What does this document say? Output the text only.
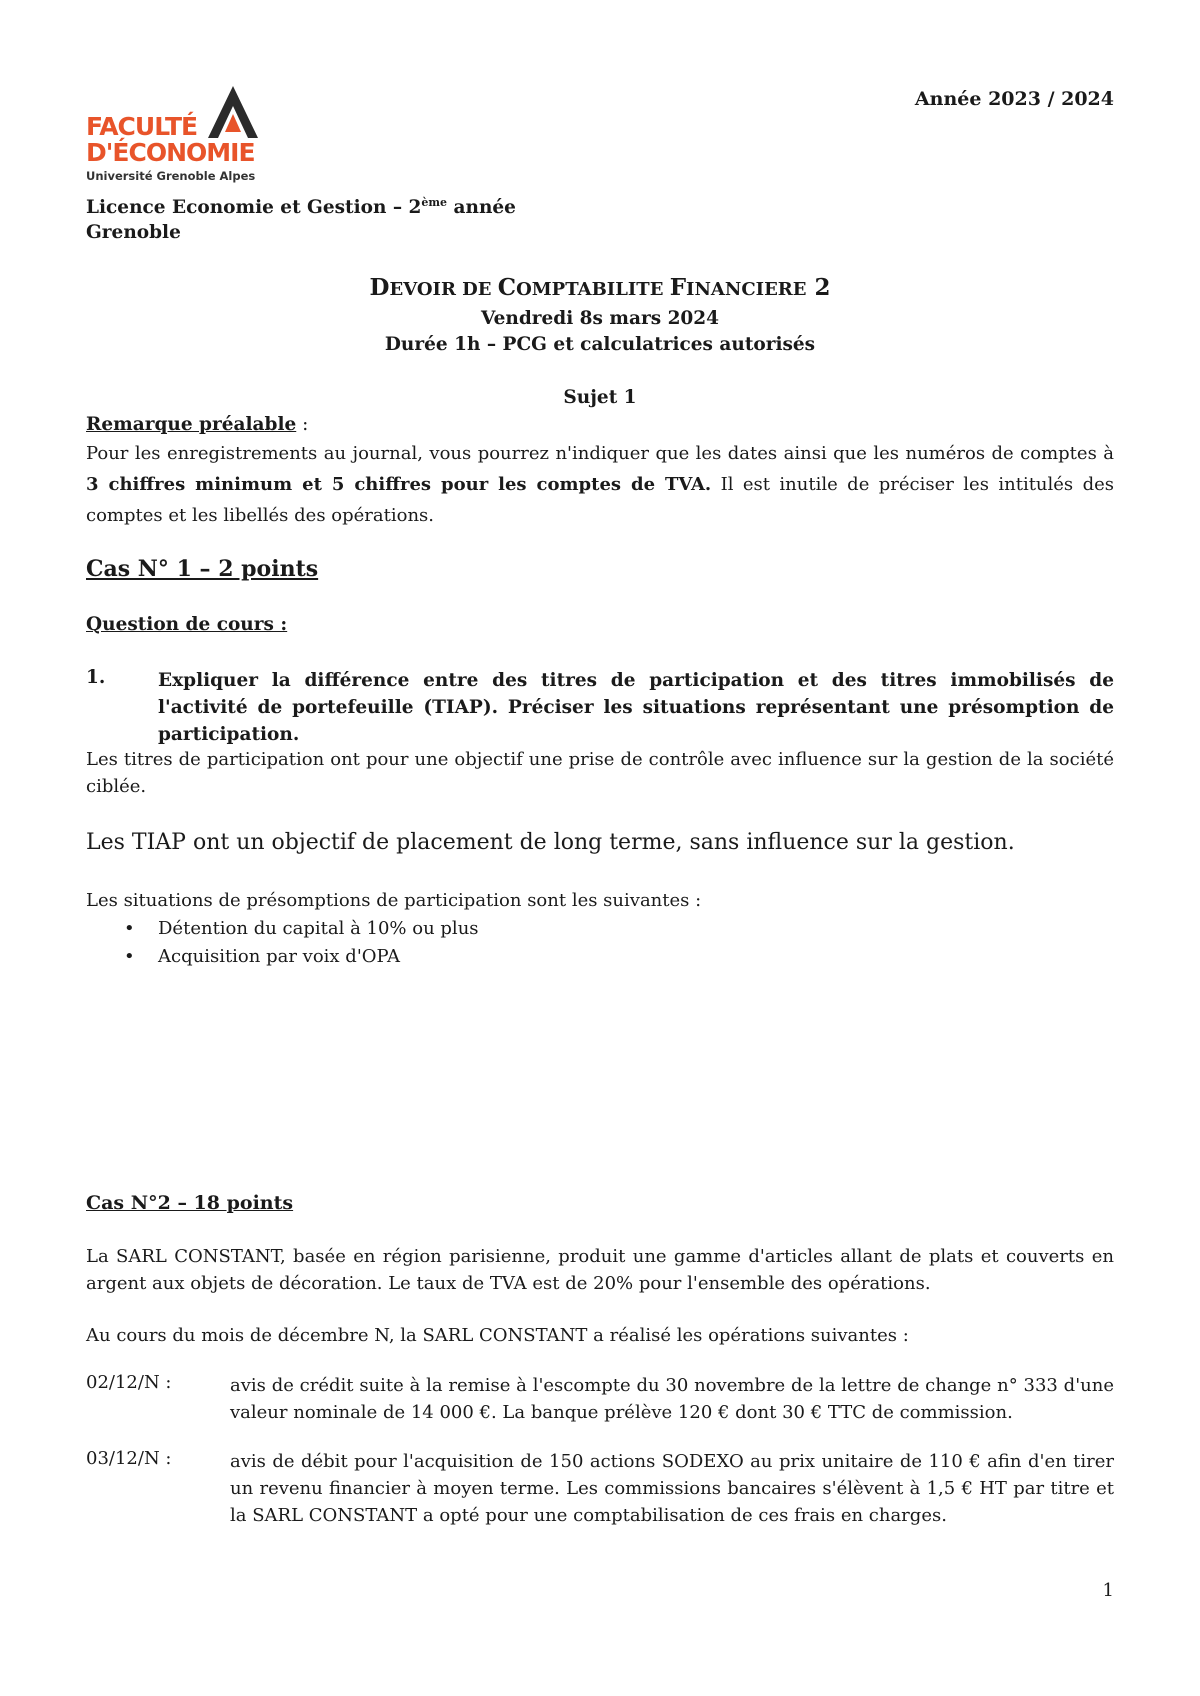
FACULTÉ
D'ÉCONOMIE
Université Grenoble Alpes
Année 2023 / 2024
Licence Economie et Gestion – 2ème année
Grenoble
DEVOIR DE COMPTABILITE FINANCIERE 2
Vendredi 8s mars 2024
Durée 1h – PCG et calculatrices autorisés
Sujet 1
Remarque préalable :
Pour les enregistrements au journal, vous pourrez n'indiquer que les dates ainsi que les numéros de comptes à 3 chiffres minimum et 5 chiffres pour les comptes de TVA. Il est inutile de préciser les intitulés des comptes et les libellés des opérations.
Cas N° 1 – 2 points
Question de cours :
1.	Expliquer la différence entre des titres de participation et des titres immobilisés de l'activité de portefeuille (TIAP). Préciser les situations représentant une présomption de participation.
Les titres de participation ont pour une objectif une prise de contrôle avec influence sur la gestion de la société ciblée.
Les TIAP ont un objectif de placement de long terme, sans influence sur la gestion.
Les situations de présomptions de participation sont les suivantes :
• Détention du capital à 10% ou plus
• Acquisition par voix d'OPA
Cas N°2 – 18 points
La SARL CONSTANT, basée en région parisienne, produit une gamme d'articles allant de plats et couverts en argent aux objets de décoration. Le taux de TVA est de 20% pour l'ensemble des opérations.
Au cours du mois de décembre N, la SARL CONSTANT a réalisé les opérations suivantes :
02/12/N :	avis de crédit suite à la remise à l'escompte du 30 novembre de la lettre de change n° 333 d'une valeur nominale de 14 000 €. La banque prélève 120 € dont 30 € TTC de commission.
03/12/N :	avis de débit pour l'acquisition de 150 actions SODEXO au prix unitaire de 110 € afin d'en tirer un revenu financier à moyen terme. Les commissions bancaires s'élèvent à 1,5 € HT par titre et la SARL CONSTANT a opté pour une comptabilisation de ces frais en charges.
1
